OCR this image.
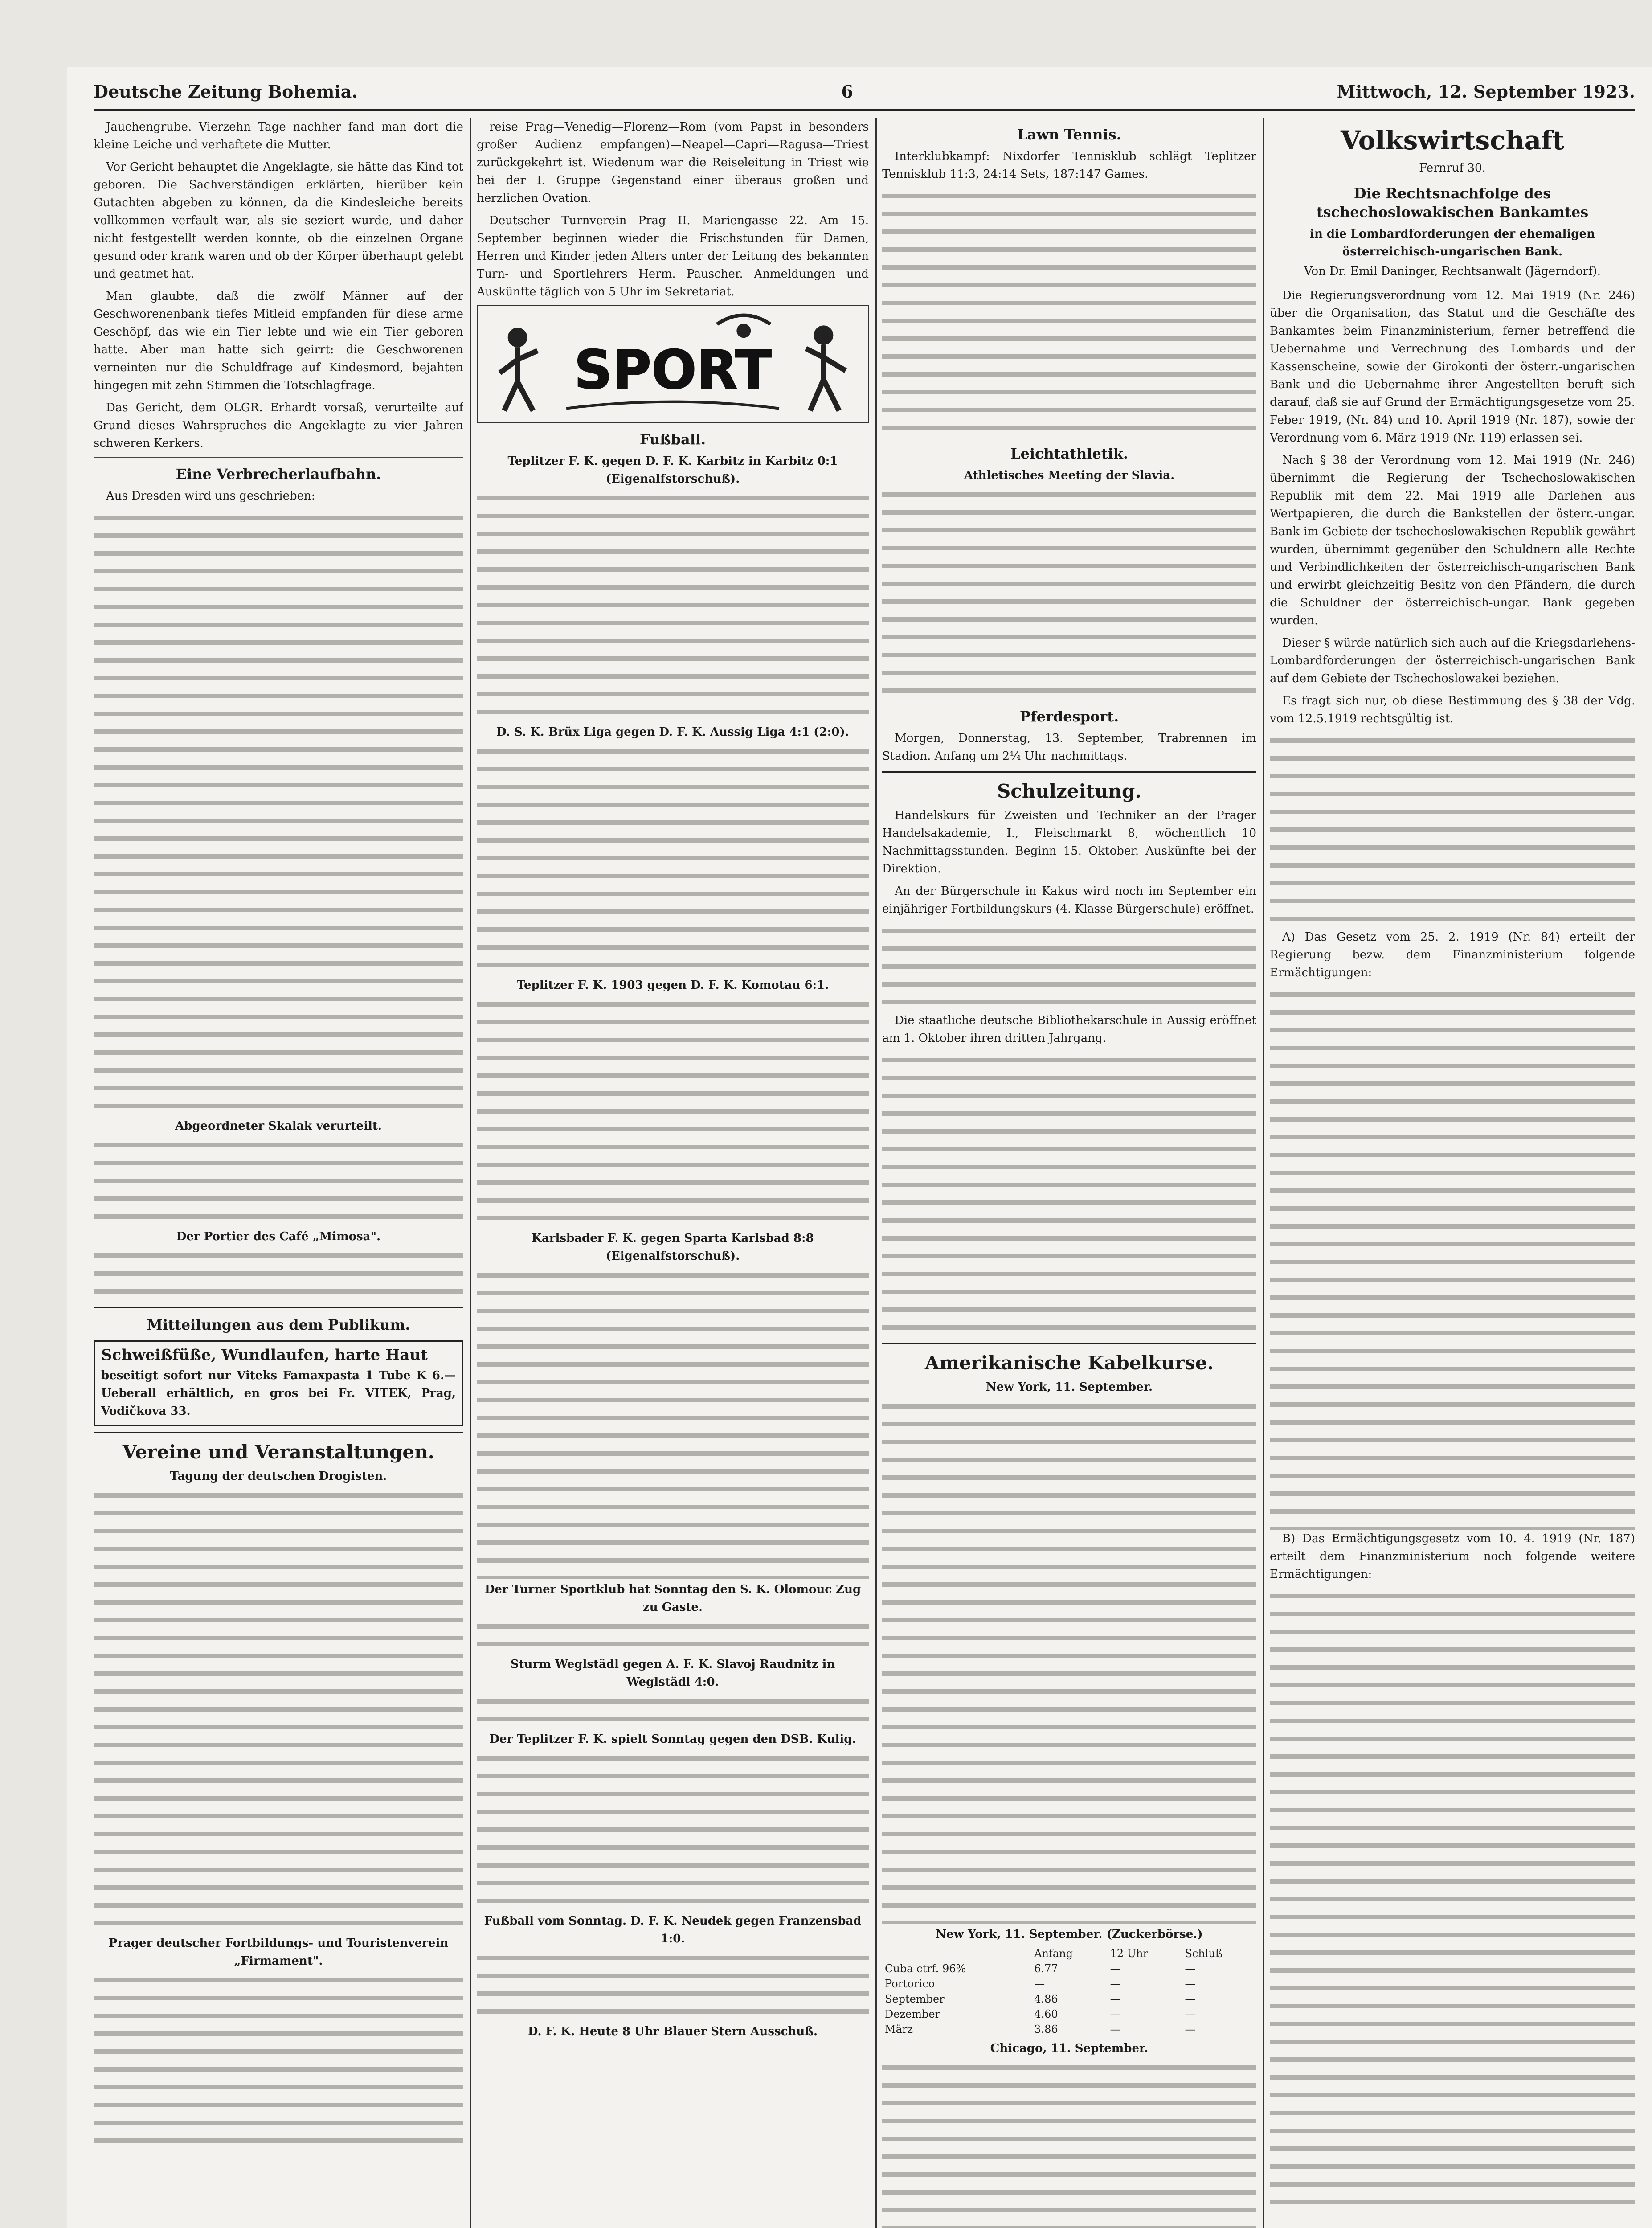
Deutsche Zeitung Bohemia.	6	Mittwoch, 12. September 1923.

Jauchengrube. Vierzehn Tage nachher fand man dort die kleine Leiche und verhaftete die Mutter.

Vor Gericht behauptet die Angeklagte, sie hätte das Kind tot geboren. Die Sachverständigen erklärten, hierüber kein Gutachten abgeben zu können, da die Kindesleiche bereits vollkommen verfault war, als sie seziert wurde, und daher nicht festgestellt werden konnte, ob die einzelnen Organe gesund oder krank waren und ob der Körper überhaupt gelebt und geatmet hat.

Man glaubte, daß die zwölf Männer auf der Geschworenenbank tiefes Mitleid empfanden für diese arme Geschöpf, das wie ein Tier lebte und wie ein Tier geboren hatte. Aber man hatte sich geirrt: die Geschworenen verneinten nur die Schuldfrage auf Kindesmord, bejahten hingegen mit zehn Stimmen die Totschlagfrage.

Das Gericht, dem OLGR. Erhardt vorsaß, verurteilte auf Grund dieses Wahrspruches die Angeklagte zu vier Jahren schweren Kerkers.

Eine Verbrecherlaufbahn.

Aus Dresden wird uns geschrieben:

Abgeordneter Skalak verurteilt.
Der Portier des Café „Mimosa".
Mitteilungen aus dem Publikum.
Schweißfüße, Wundlaufen, harte Haut
beseitigt sofort nur Viteks Famaxpasta 1 Tube K 6.— Ueberall erhältlich, en gros bei Fr. VITEK, Prag, Vodičkova 33.
Vereine und Veranstaltungen.
Tagung der deutschen Drogisten.
Prager deutscher Fortbildungs- und Touristenverein „Firmament".

reise Prag—Venedig—Florenz—Rom (vom Papst in besonders großer Audienz empfangen)—Neapel—Capri—Ragusa—Triest zurückgekehrt ist. Wiedenum war die Reiseleitung in Triest wie bei der I. Gruppe Gegenstand einer überaus großen und herzlichen Ovation.

Deutscher Turnverein Prag II. Mariengasse 22. Am 15. September beginnen wieder die Frischstunden für Damen, Herren und Kinder jeden Alters unter der Leitung des bekannten Turn- und Sportlehrers Herm. Pauscher. Anmeldungen und Auskünfte täglich von 5 Uhr im Sekretariat.

SPORT
Fußball.
Teplitzer F. K. gegen D. F. K. Karbitz in Karbitz 0:1 (Eigenalfstorschuß).
D. S. K. Brüx Liga gegen D. F. K. Aussig Liga 4:1 (2:0).
Teplitzer F. K. 1903 gegen D. F. K. Komotau 6:1.
Karlsbader F. K. gegen Sparta Karlsbad 8:8 (Eigenalfstorschuß).
Der Turner Sportklub hat Sonntag den S. K. Olomouc Zug zu Gaste.
Sturm Weglstädl gegen A. F. K. Slavoj Raudnitz in Weglstädl 4:0.
Der Teplitzer F. K. spielt Sonntag gegen den DSB. Kulig.
Fußball vom Sonntag. D. F. K. Neudek gegen Franzensbad 1:0.
D. F. K. Heute 8 Uhr Blauer Stern Ausschuß.
Lawn Tennis.

Interklubkampf: Nixdorfer Tennisklub schlägt Teplitzer Tennisklub 11:3, 24:14 Sets, 187:147 Games.

Leichtathletik.
Athletisches Meeting der Slavia.
Pferdesport.

Morgen, Donnerstag, 13. September, Trabrennen im Stadion. Anfang um 2¼ Uhr nachmittags.

Schulzeitung.

Handelskurs für Zweisten und Techniker an der Prager Handelsakademie, I., Fleischmarkt 8, wöchentlich 10 Nachmittagsstunden. Beginn 15. Oktober. Auskünfte bei der Direktion.

An der Bürgerschule in Kakus wird noch im September ein einjähriger Fortbildungskurs (4. Klasse Bürgerschule) eröffnet.

Die staatliche deutsche Bibliothekarschule in Aussig eröffnet am 1. Oktober ihren dritten Jahrgang.

Amerikanische Kabelkurse.
New York, 11. September.
New York, 11. September. (Zuckerbörse.)
	Anfang	12 Uhr	Schluß
Cuba ctrf. 96%	6.77	—	—
Portorico	—	—	—
September	4.86	—	—
Dezember	4.60	—	—
März	3.86	—	—
Chicago, 11. September.

Volkswirtschaft
Fernruf 30.
Die Rechtsnachfolge des tschechoslowakischen Bankamtes
in die Lombardforderungen der ehemaligen österreichisch-ungarischen Bank.
Von Dr. Emil Daninger, Rechtsanwalt (Jägerndorf).

Die Regierungsverordnung vom 12. Mai 1919 (Nr. 246) über die Organisation, das Statut und die Geschäfte des Bankamtes beim Finanzministerium, ferner betreffend die Uebernahme und Verrechnung des Lombards und der Kassenscheine, sowie der Girokonti der österr.-ungarischen Bank und die Uebernahme ihrer Angestellten beruft sich darauf, daß sie auf Grund der Ermächtigungsgesetze vom 25. Feber 1919, (Nr. 84) und 10. April 1919 (Nr. 187), sowie der Verordnung vom 6. März 1919 (Nr. 119) erlassen sei.

Nach § 38 der Verordnung vom 12. Mai 1919 (Nr. 246) übernimmt die Regierung der Tschechoslowakischen Republik mit dem 22. Mai 1919 alle Darlehen aus Wertpapieren, die durch die Bankstellen der österr.-ungar. Bank im Gebiete der tschechoslowakischen Republik gewährt wurden, übernimmt gegenüber den Schuldnern alle Rechte und Verbindlichkeiten der österreichisch-ungarischen Bank und erwirbt gleichzeitig Besitz von den Pfändern, die durch die Schuldner der österreichisch-ungar. Bank gegeben wurden.

Dieser § würde natürlich sich auch auf die Kriegsdarlehens-Lombardforderungen der österreichisch-ungarischen Bank auf dem Gebiete der Tschechoslowakei beziehen.

Es fragt sich nur, ob diese Bestimmung des § 38 der Vdg. vom 12.5.1919 rechtsgültig ist.

A) Das Gesetz vom 25. 2. 1919 (Nr. 84) erteilt der Regierung bezw. dem Finanzministerium folgende Ermächtigungen:

B) Das Ermächtigungsgesetz vom 10. 4. 1919 (Nr. 187) erteilt dem Finanzministerium noch folgende weitere Ermächtigungen:
